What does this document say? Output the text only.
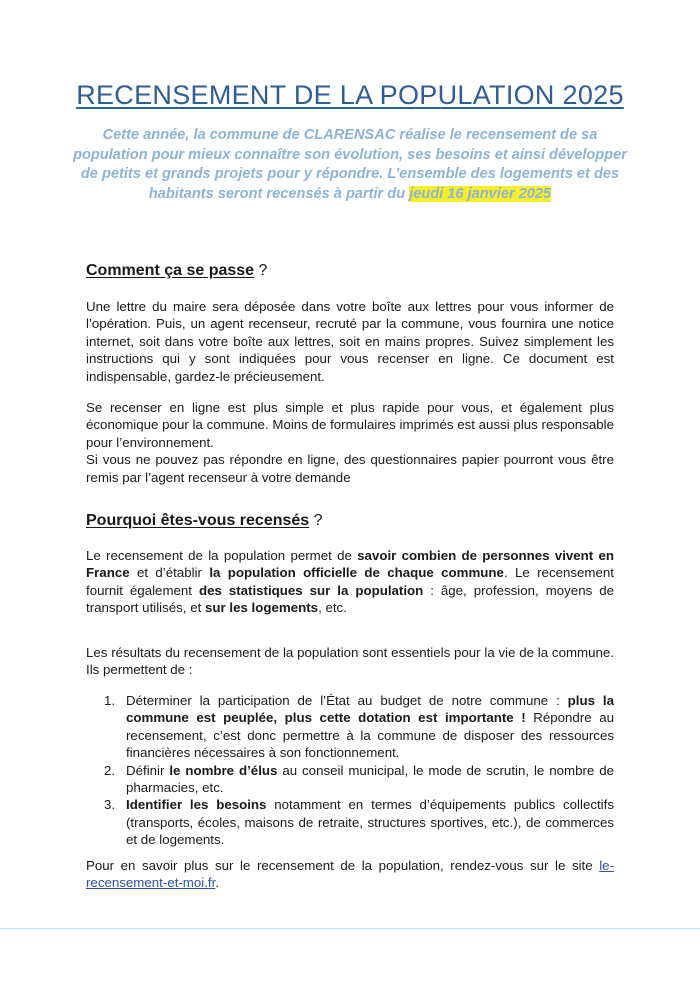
RECENSEMENT DE LA POPULATION 2025
Cette année, la commune de CLARENSAC réalise le recensement de sa population pour mieux connaître son évolution, ses besoins et ainsi développer de petits et grands projets pour y répondre. L’ensemble des logements et des habitants seront recensés à partir du jeudi 16 janvier 2025
Comment ça se passe ?

Une lettre du maire sera déposée dans votre boîte aux lettres pour vous informer de l’opération. Puis, un agent recenseur, recruté par la commune, vous fournira une notice internet, soit dans votre boîte aux lettres, soit en mains propres. Suivez simplement les instructions qui y sont indiquées pour vous recenser en ligne. Ce document est indispensable, gardez-le précieusement.

Se recenser en ligne est plus simple et plus rapide pour vous, et également plus économique pour la commune. Moins de formulaires imprimés est aussi plus responsable pour l’environnement.
Si vous ne pouvez pas répondre en ligne, des questionnaires papier pourront vous être remis par l’agent recenseur à votre demande
Pourquoi êtes-vous recensés ?

Le recensement de la population permet de savoir combien de personnes vivent en France et d’établir la population officielle de chaque commune. Le recensement fournit également des statistiques sur la population : âge, profession, moyens de transport utilisés, et sur les logements, etc.

Les résultats du recensement de la population sont essentiels pour la vie de la commune. Ils permettent de :

1. Déterminer la participation de l’État au budget de notre commune : plus la commune est peuplée, plus cette dotation est importante ! Répondre au recensement, c’est donc permettre à la commune de disposer des ressources financières nécessaires à son fonctionnement.
2. Définir le nombre d’élus au conseil municipal, le mode de scrutin, le nombre de pharmacies, etc.
3. Identifier les besoins notamment en termes d’équipements publics collectifs (transports, écoles, maisons de retraite, structures sportives, etc.), de commerces et de logements.

Pour en savoir plus sur le recensement de la population, rendez-vous sur le site le-recensement-et-moi.fr.
